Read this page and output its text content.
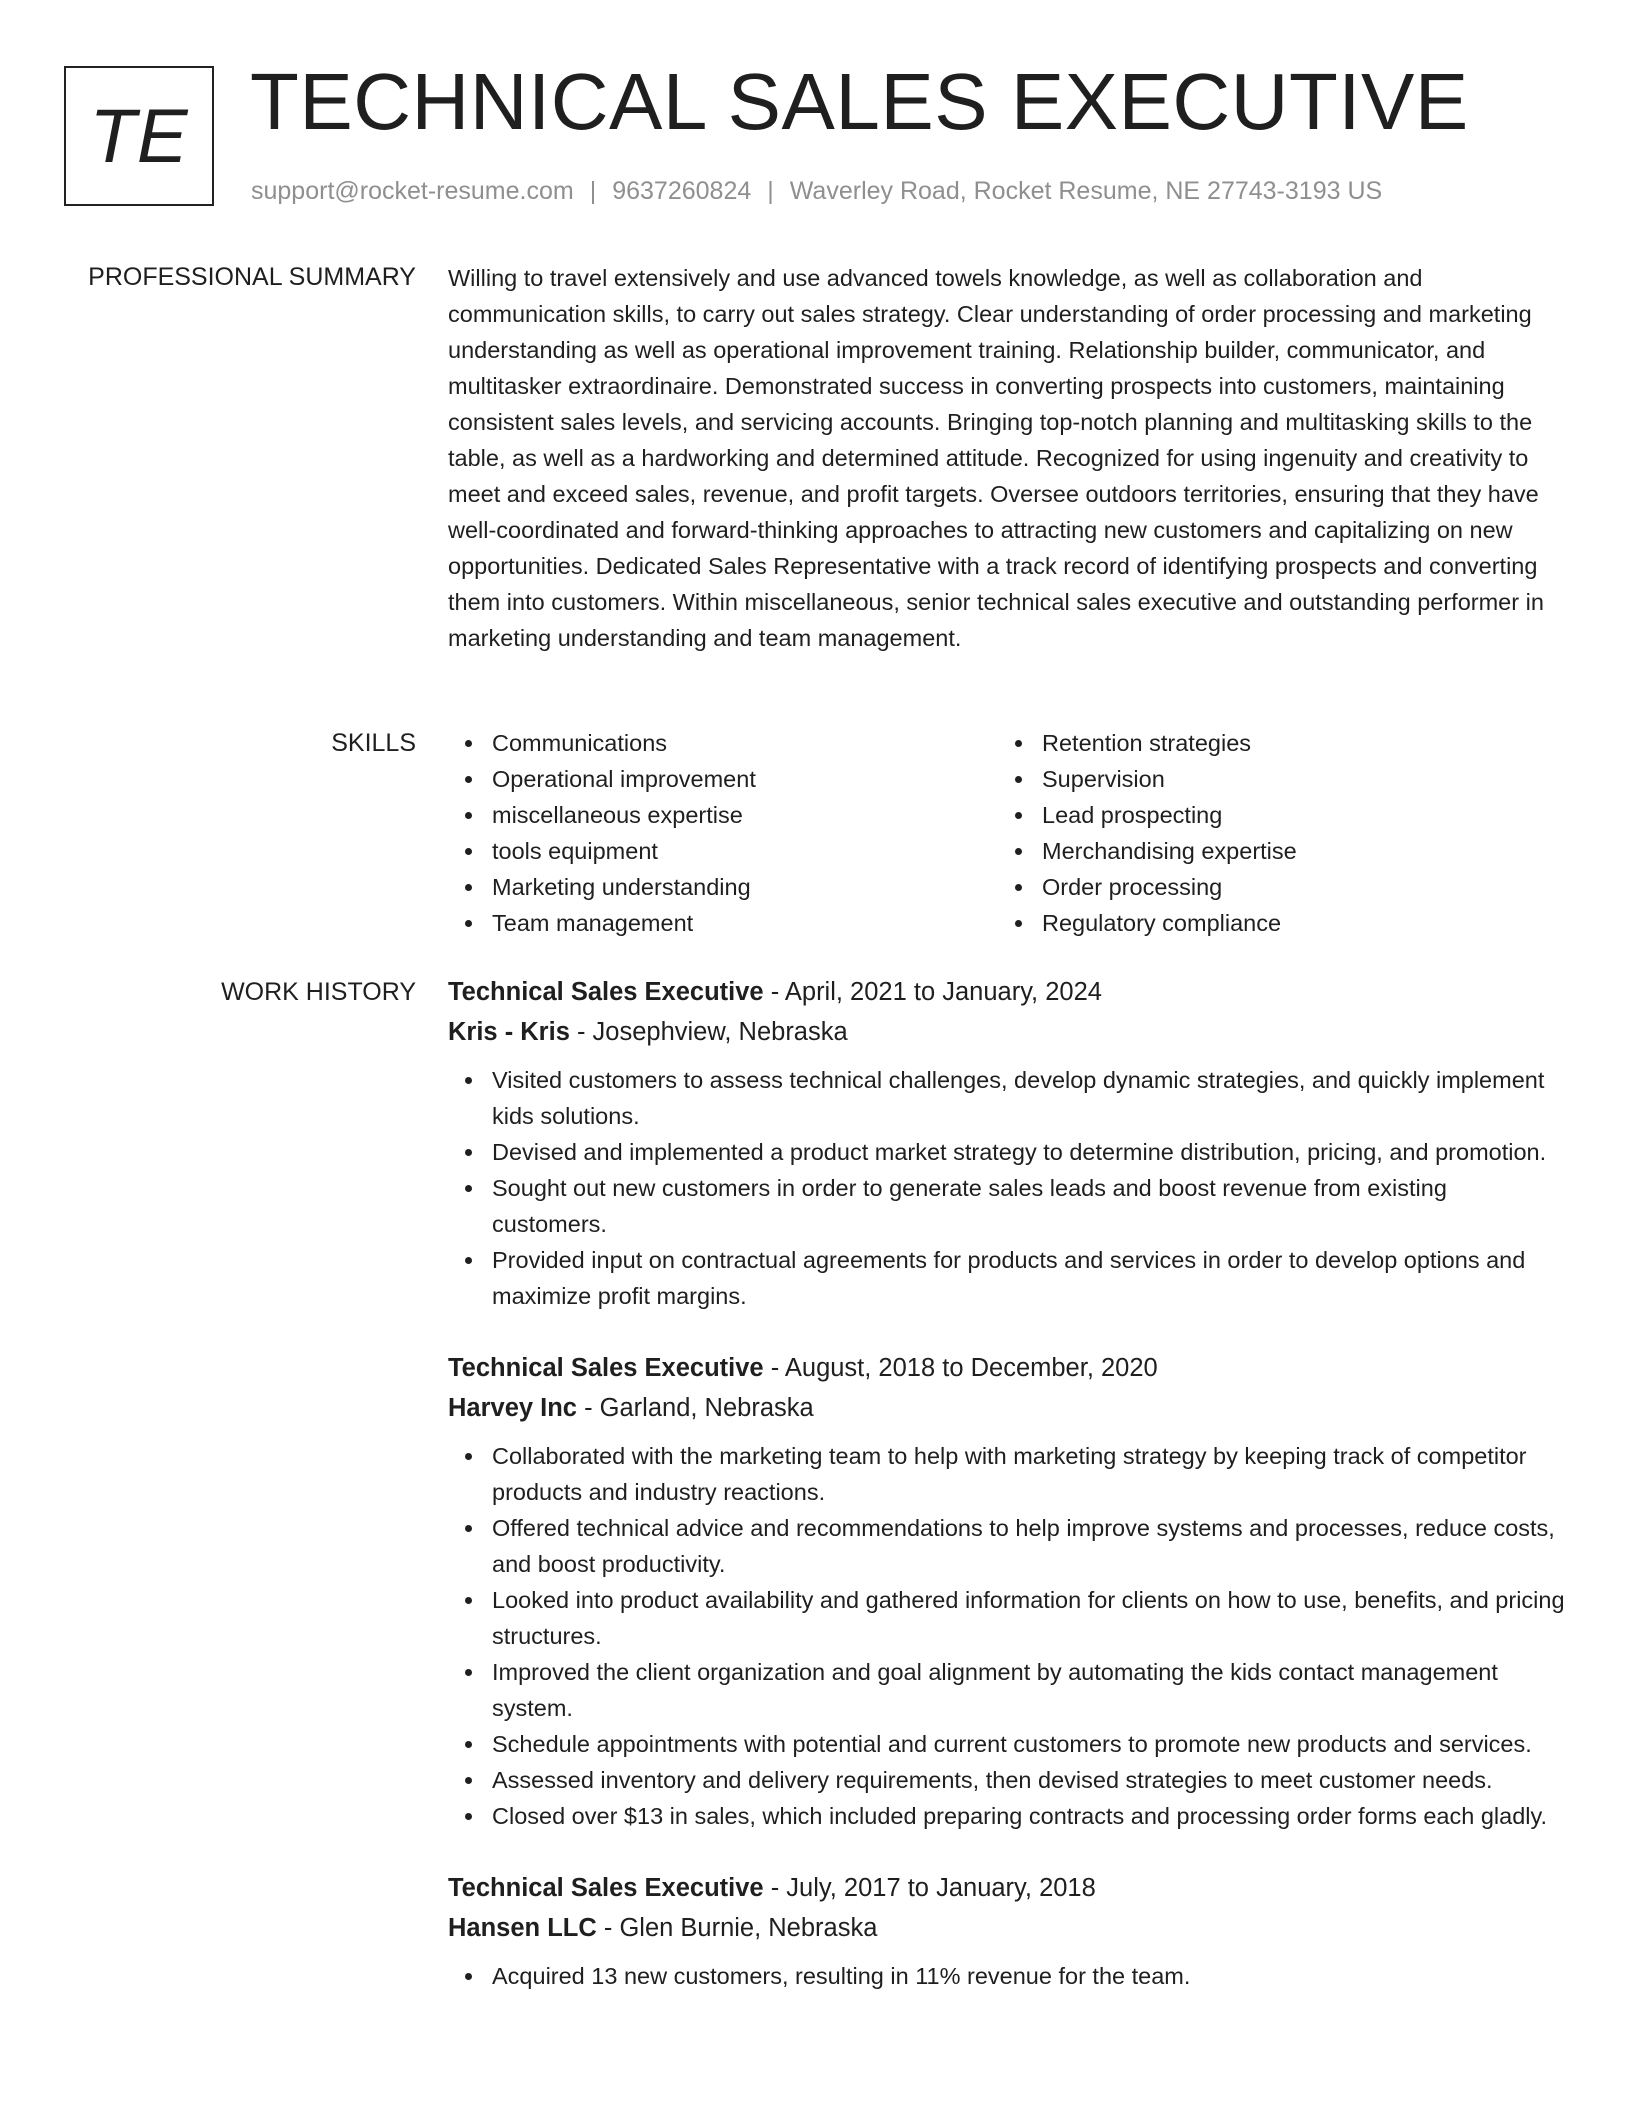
TE TECHNICAL SALES EXECUTIVE
support@rocket-resume.com | 9637260824 | Waverley Road, Rocket Resume, NE 27743-3193 US
PROFESSIONAL SUMMARY Willing to travel extensively and use advanced towels knowledge, as well as collaboration and communication skills, to carry out sales strategy. Clear understanding of order processing and marketing understanding as well as operational improvement training. Relationship builder, communicator, and multitasker extraordinaire. Demonstrated success in converting prospects into customers, maintaining consistent sales levels, and servicing accounts. Bringing top-notch planning and multitasking skills to the table, as well as a hardworking and determined attitude. Recognized for using ingenuity and creativity to meet and exceed sales, revenue, and profit targets. Oversee outdoors territories, ensuring that they have well-coordinated and forward-thinking approaches to attracting new customers and capitalizing on new opportunities. Dedicated Sales Representative with a track record of identifying prospects and converting them into customers. Within miscellaneous, senior technical sales executive and outstanding performer in marketing understanding and team management.

SKILLS	Communications
Operational improvement
miscellaneous expertise
tools equipment
Marketing understanding
Team management
Retention strategies
Supervision
Lead prospecting
Merchandising expertise
Order processing
Regulatory compliance
WORK HISTORY Technical Sales Executive - April, 2021 to January, 2024
Kris - Kris - Josephview, Nebraska
Visited customers to assess technical challenges, develop dynamic strategies, and quickly implement kids solutions.
Devised and implemented a product market strategy to determine distribution, pricing, and promotion.
Sought out new customers in order to generate sales leads and boost revenue from existing customers.
Provided input on contractual agreements for products and services in order to develop options and maximize profit margins.
Technical Sales Executive - August, 2018 to December, 2020
Harvey Inc - Garland, Nebraska
Collaborated with the marketing team to help with marketing strategy by keeping track of competitor products and industry reactions.
Offered technical advice and recommendations to help improve systems and processes, reduce costs, and boost productivity.
Looked into product availability and gathered information for clients on how to use, benefits, and pricing structures.
Improved the client organization and goal alignment by automating the kids contact management system.
Schedule appointments with potential and current customers to promote new products and services.
Assessed inventory and delivery requirements, then devised strategies to meet customer needs.
Closed over $13 in sales, which included preparing contracts and processing order forms each gladly.
Technical Sales Executive - July, 2017 to January, 2018
Hansen LLC - Glen Burnie, Nebraska
Acquired 13 new customers, resulting in 11% revenue for the team.
